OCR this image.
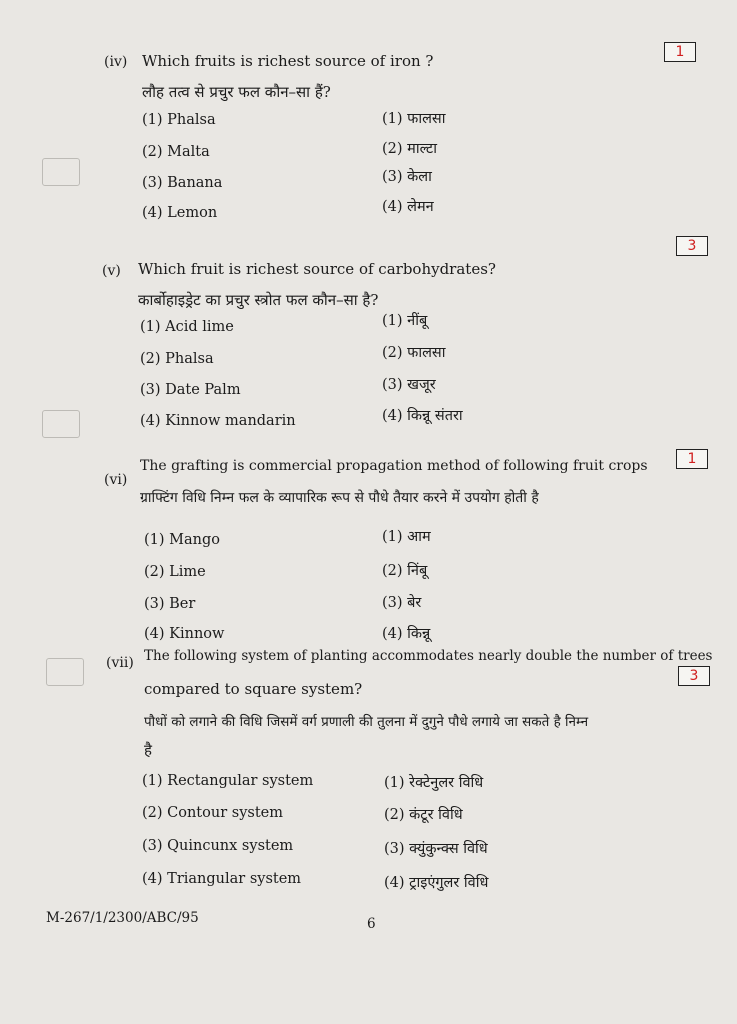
(iv) Which fruits is richest source of iron ?	1
लौह तत्व से प्रचुर फल कौन–सा हैं?
(1) Phalsa
(2) Malta
(3) Banana
(4) Lemon
(1) फालसा
(2) माल्टा
(3) केला
(4) लेमन
3
(v) Which fruit is richest source of carbohydrates?
कार्बोहाइड्रेट का प्रचुर स्त्रोत फल कौन–सा है?
(1) Acid lime
(2) Phalsa
(3) Date Palm
(4) Kinnow mandarin
(1) नींबू
(2) फालसा
(3) खजूर
(4) किन्नू संतरा
1
(vi)
The grafting is commercial propagation method of following fruit crops
ग्राफ्टिंग विधि निम्न फल के व्यापारिक रूप से पौधे तैयार करने में उपयोग होती है
(1) Mango
(2) Lime
(3) Ber
(4) Kinnow
(1) आम
(2) निंबू
(3) बेर
(4) किन्नू
(vii) The following system of planting accommodates nearly double the number of trees
3
compared to square system?
पौधों को लगाने की विधि जिसमें वर्ग प्रणाली की तुलना में दुगुने पौधे लगाये जा सकते है निम्न
है
(1) Rectangular system
(2) Contour system
(3) Quincunx system
(4) Triangular system
(1) रेक्टेनुलर विधि
(2) कंटूर विधि
(3) क्युंकुन्क्स विधि
(4) ट्राइएंगुलर विधि
M-267/1/2300/ABC/95	6
